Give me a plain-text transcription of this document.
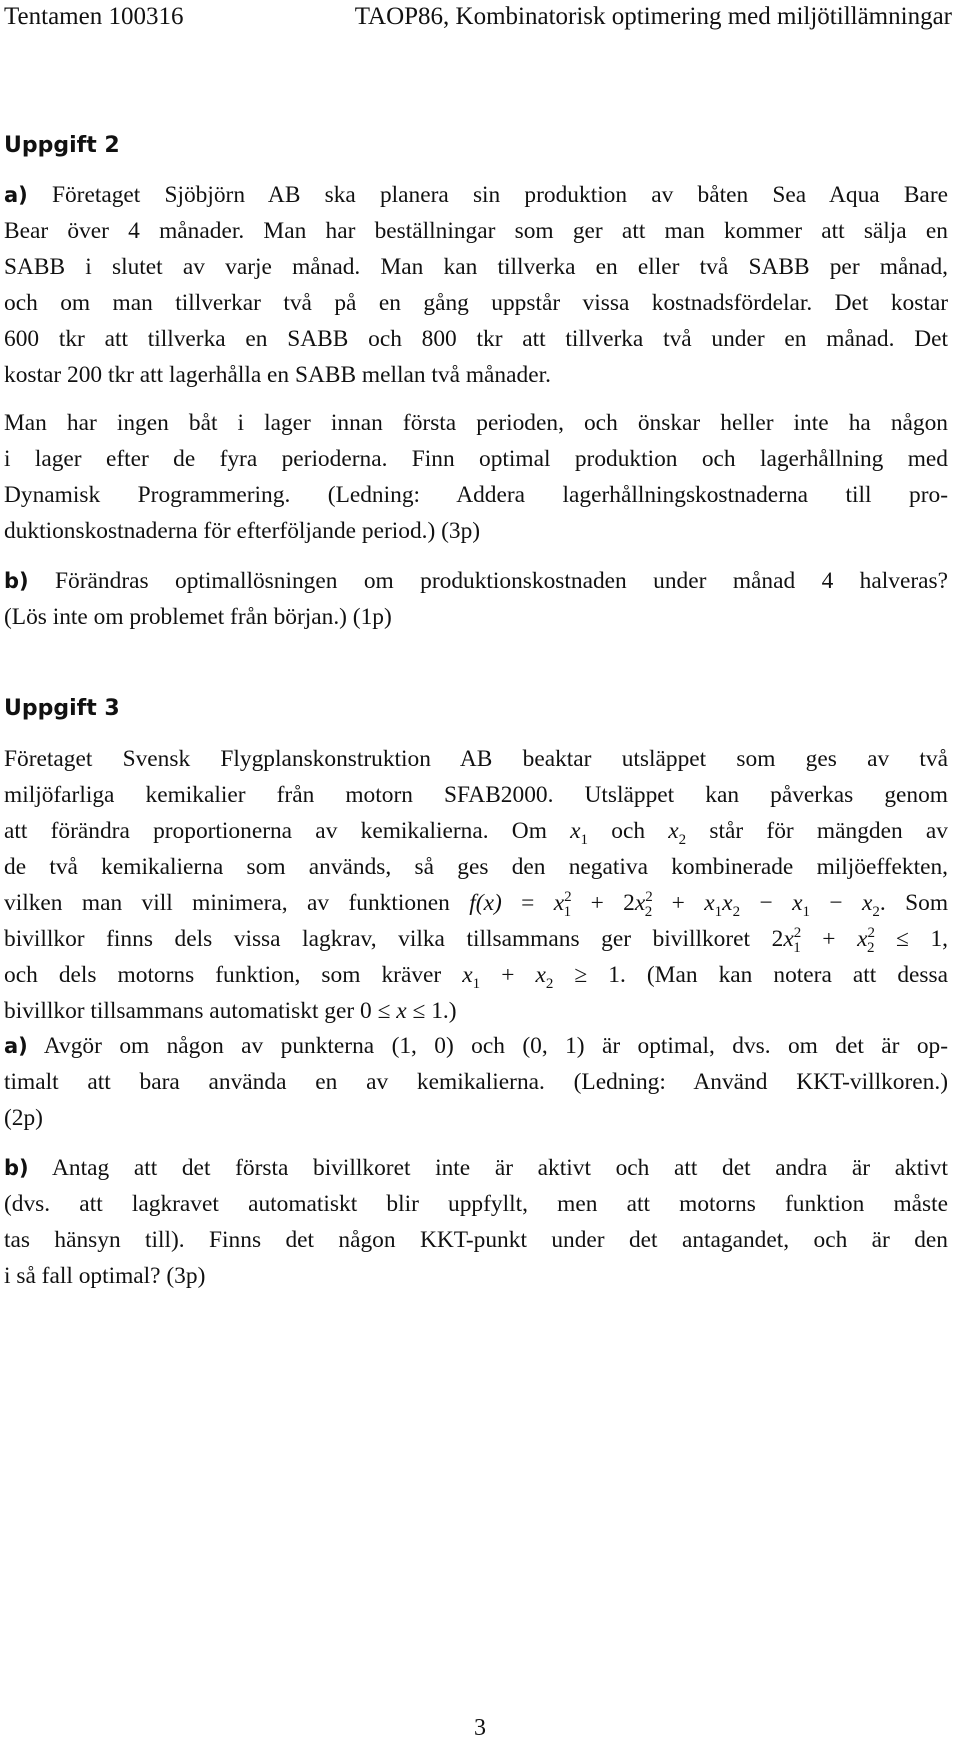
Tentamen 100316	TAOP86, Kombinatorisk optimering med miljötillämningar
Uppgift 2
a) Företaget Sjöbjörn AB ska planera sin produktion av båten Sea Aqua Bare
Bear över 4 månader. Man har beställningar som ger att man kommer att sälja en
SABB i slutet av varje månad. Man kan tillverka en eller två SABB per månad,
och om man tillverkar två på en gång uppstår vissa kostnadsfördelar. Det kostar
600 tkr att tillverka en SABB och 800 tkr att tillverka två under en månad. Det
kostar 200 tkr att lagerhålla en SABB mellan två månader.
Man har ingen båt i lager innan första perioden, och önskar heller inte ha någon
i lager efter de fyra perioderna. Finn optimal produktion och lagerhållning med
Dynamisk Programmering. (Ledning: Addera lagerhållningskostnaderna till pro-
duktionskostnaderna för efterföljande period.) (3p)
b) Förändras optimallösningen om produktionskostnaden under månad 4 halveras?
(Lös inte om problemet från början.) (1p)
Uppgift 3
Företaget Svensk Flygplanskonstruktion AB beaktar utsläppet som ges av två
miljöfarliga kemikalier från motorn SFAB2000. Utsläppet kan påverkas genom
att förändra proportionerna av kemikalierna. Om $x_1$ och $x_2$ står för mängden av
de två kemikalierna som används, så ges den negativa kombinerade miljöeffekten,
vilken man vill minimera, av funktionen $f(x) = x^2_1 + 2x^2_2 + x_1x_2 - x_1 - x_2$. Som
bivillkor finns dels vissa lagkrav, vilka tillsammans ger bivillkoret $2x^2_1 + x^2_2 \le 1$,
och dels motorns funktion, som kräver $x_1 + x_2 \ge 1$. (Man kan notera att dessa
bivillkor tillsammans automatiskt ger 0 ≤ x ≤ 1.)
a) Avgör om någon av punkterna (1, 0) och (0, 1) är optimal, dvs. om det är op-
timalt att bara använda en av kemikalierna. (Ledning: Använd KKT-villkoren.)
(2p)
b) Antag att det första bivillkoret inte är aktivt och att det andra är aktivt
(dvs. att lagkravet automatiskt blir uppfyllt, men att motorns funktion måste
tas hänsyn till). Finns det någon KKT-punkt under det antagandet, och är den
i så fall optimal? (3p)
3
